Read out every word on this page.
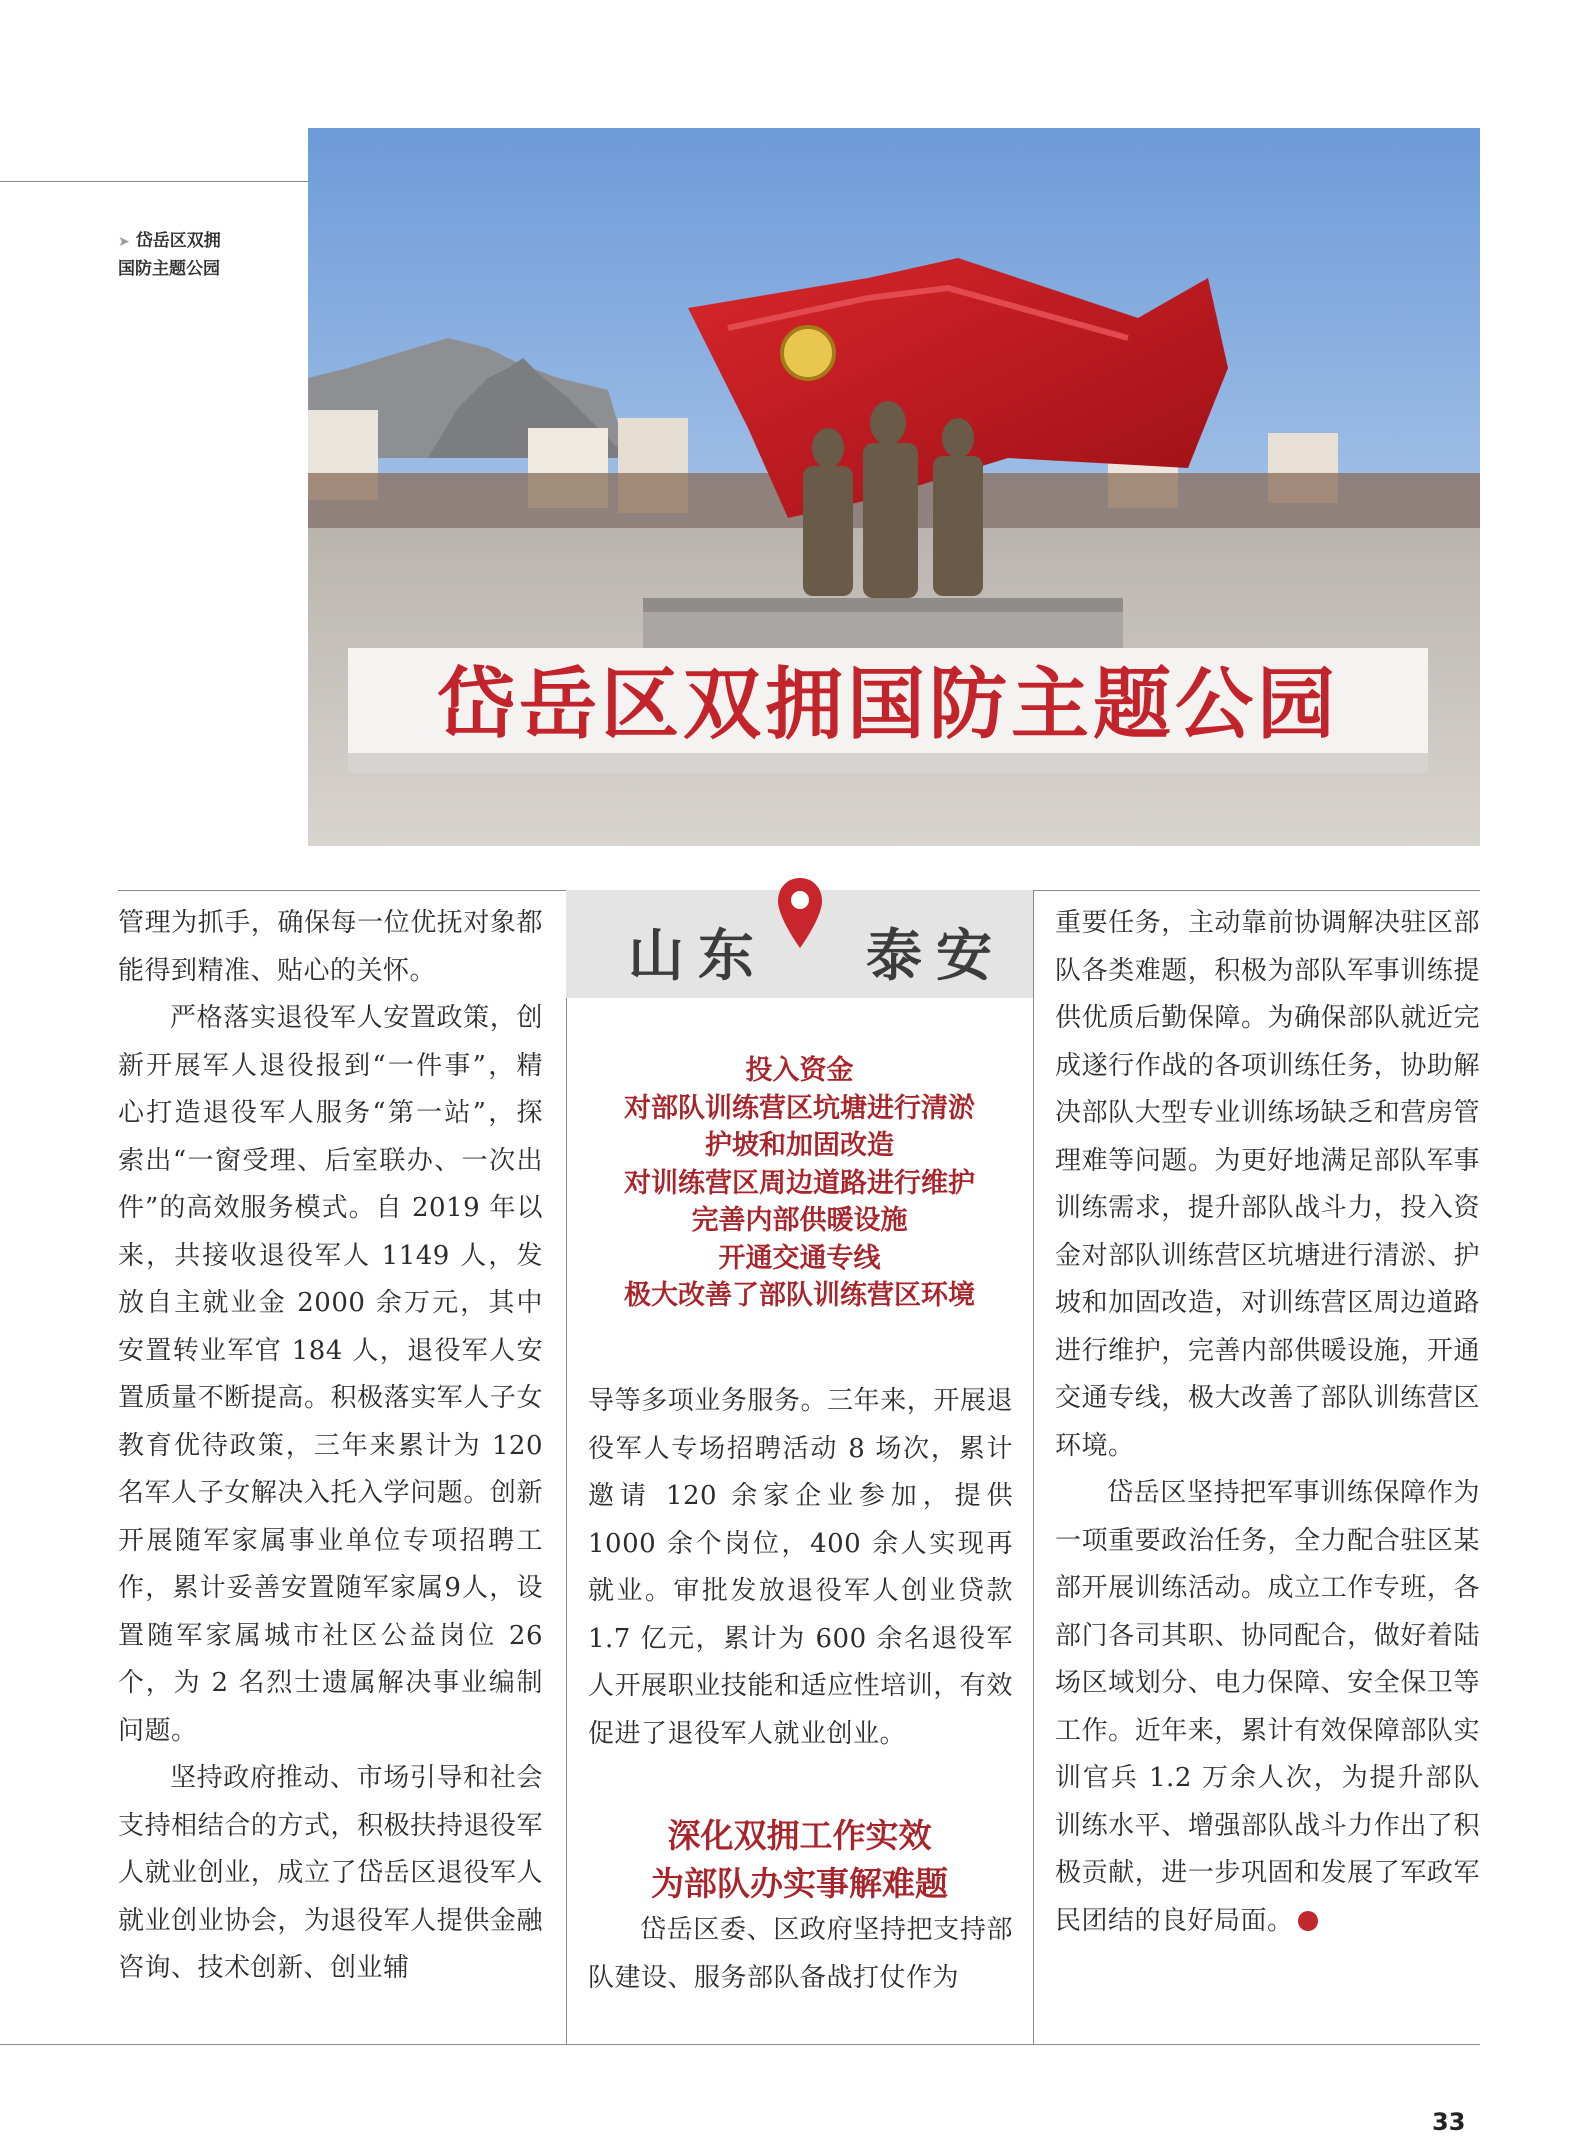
➤ 岱岳区双拥
国防主题公园
岱岳区双拥国防主题公园

管理为抓手，确保每一位优抚对象都能得到精准、贴心的关怀。

严格落实退役军人安置政策，创新开展军人退役报到“一件事”，精心打造退役军人服务“第一站”，探索出“一窗受理、后室联办、一次出件”的高效服务模式。自 2019 年以来，共接收退役军人 1149 人，发放自主就业金 2000 余万元，其中安置转业军官 184 人，退役军人安置质量不断提高。积极落实军人子女教育优待政策，三年来累计为 120 名军人子女解决入托入学问题。创新开展随军家属事业单位专项招聘工作，累计妥善安置随军家属9人，设置随军家属城市社区公益岗位 26 个，为 2 名烈士遗属解决事业编制问题。

坚持政府推动、市场引导和社会支持相结合的方式，积极扶持退役军人就业创业，成立了岱岳区退役军人就业创业协会，为退役军人提供金融咨询、技术创新、创业辅

山东 泰安
投入资金
对部队训练营区坑塘进行清淤
护坡和加固改造
对训练营区周边道路进行维护
完善内部供暖设施
开通交通专线
极大改善了部队训练营区环境

导等多项业务服务。三年来，开展退役军人专场招聘活动 8 场次，累计邀请 120 余家企业参加，提供 1000 余个岗位，400 余人实现再就业。审批发放退役军人创业贷款 1.7 亿元，累计为 600 余名退役军人开展职业技能和适应性培训，有效促进了退役军人就业创业。

深化双拥工作实效
为部队办实事解难题

岱岳区委、区政府坚持把支持部队建设、服务部队备战打仗作为

重要任务，主动靠前协调解决驻区部队各类难题，积极为部队军事训练提供优质后勤保障。为确保部队就近完成遂行作战的各项训练任务，协助解决部队大型专业训练场缺乏和营房管理难等问题。为更好地满足部队军事训练需求，提升部队战斗力，投入资金对部队训练营区坑塘进行清淤、护坡和加固改造，对训练营区周边道路进行维护，完善内部供暖设施，开通交通专线，极大改善了部队训练营区环境。

岱岳区坚持把军事训练保障作为一项重要政治任务，全力配合驻区某部开展训练活动。成立工作专班，各部门各司其职、协同配合，做好着陆场区域划分、电力保障、安全保卫等工作。近年来，累计有效保障部队实训官兵 1.2 万余人次，为提升部队训练水平、增强部队战斗力作出了积极贡献，进一步巩固和发展了军政军民团结的良好局面。N

33
